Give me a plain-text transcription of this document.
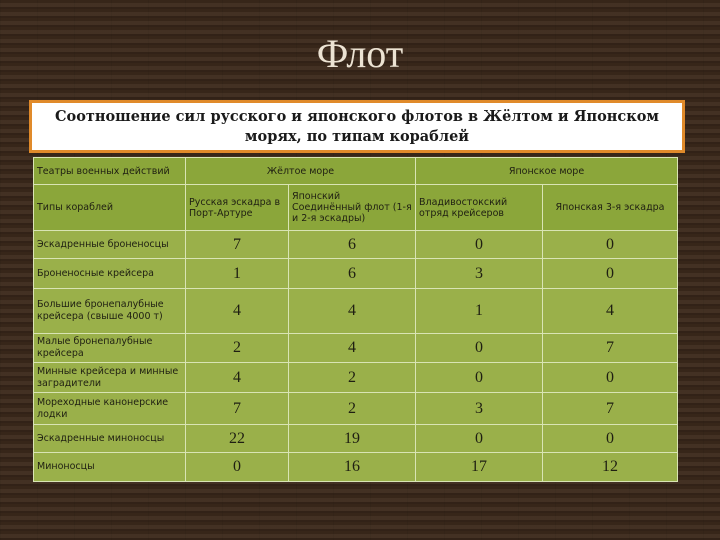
Флот
Соотношение сил русского и японского флотов в Жёлтом и Японском морях, по типам кораблей
Театры военных действий	Жёлтое море		Японское море	
Типы кораблей	Русская эскадра в Порт-Артуре	Японский Соединённый флот (1-я и 2-я эскадры)	Владивостокский отряд крейсеров	Японская 3-я эскадра
Эскадренные броненосцы	7	6	0	0
Броненосные крейсера	1	6	3	0
Большие бронепалубные крейсера (свыше 4000 т)	4	4	1	4
Малые бронепалубные крейсера	2	4	0	7
Минные крейсера и минные заградители	4	2	0	0
Мореходные канонерские лодки	7	2	3	7
Эскадренные миноносцы	22	19	0	0
Миноносцы	0	16	17	12
